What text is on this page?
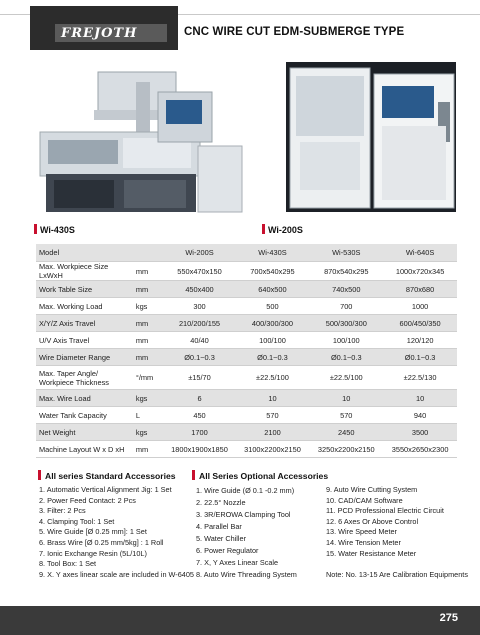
FREJOTH	CNC WIRE CUT EDM-SUBMERGE TYPE
Wi-430S	Wi-200S
Model		Wi-200S	Wi-430S	Wi-530S	Wi-640S
Max. Workpiece Size LxWxH	mm	550x470x150	700x540x295	870x540x295	1000x720x345
Work Table Size	mm	450x400	640x500	740x500	870x680
Max. Working Load	kgs	300	500	700	1000
X/Y/Z Axis Travel	mm	210/200/155	400/300/300	500/300/300	600/450/350
U/V Axis Travel	mm	40/40	100/100	100/100	120/120
Wire Diameter Range	mm	Ø0.1~0.3	Ø0.1~0.3	Ø0.1~0.3	Ø0.1~0.3
Max. Taper Angle/ Workpiece Thickness	°/mm	±15/70	±22.5/100	±22.5/100	±22.5/130
Max. Wire Load	kgs	6	10	10	10
Water Tank Capacity	L	450	570	570	940
Net Weight	kgs	1700	2100	2450	3500
Machine Layout W x D xH	mm	1800x1900x1850	3100x2200x2150	3250x2200x2150	3550x2650x2300
All series Standard Accessories	All Series Optional Accessories
1. Automatic Vertical Alignment Jig: 1 Set
2. Power Feed Contact: 2 Pcs
3. Filter: 2 Pcs
4. Clamping Tool: 1 Set
5. Wire Guide [Ø 0.25 mm]: 1 Set
6. Brass Wire [Ø 0.25 mm/5kg] : 1 Roll
7. Ionic Exchange Resin (5L/10L)
8. Tool Box: 1 Set
9. X. Y axes linear scale are included in W-6405
1. Wire Guide (Ø 0.1 -0.2 mm)
2. 22.5° Nozzle
3. 3R/EROWA Clamping Tool
4. Parallel Bar
5. Water Chiller
6. Power Regulator
7. X, Y Axes Linear Scale
8. Auto Wire Threading System
9. Auto Wire Cutting System
10. CAD/CAM Software
11. PCD Professional Electric Circuit
12. 6 Axes Or Above Control
13. Wire Speed Meter
14. Wire Tension Meter
15. Water Resistance Meter
Note: No. 13-15 Are Calibration Equipments
275
